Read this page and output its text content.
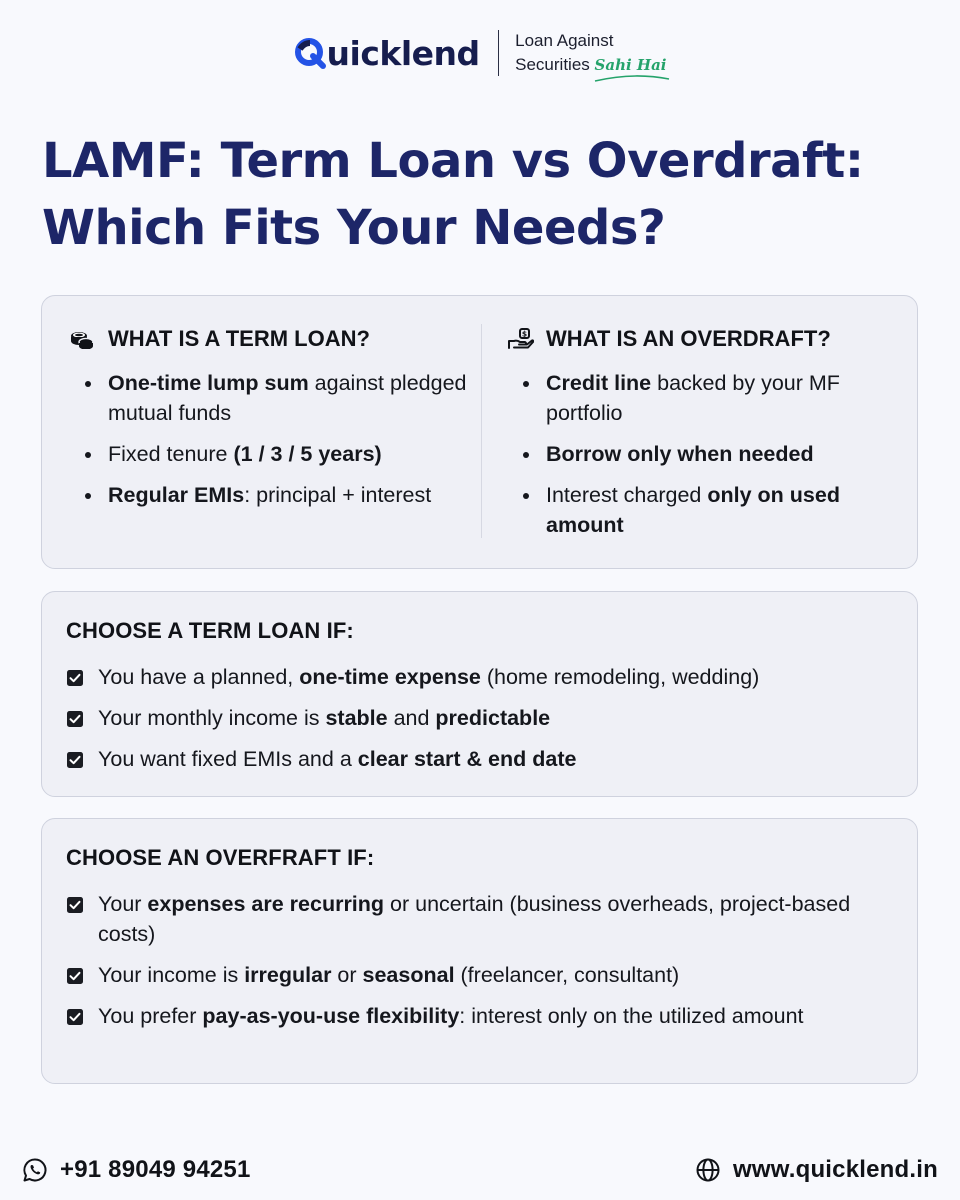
uicklend Loan Against
Securities Sahi Hai
LAMF: Term Loan vs Overdraft:
Which Fits Your Needs?
WHAT IS A TERM LOAN?
One-time lump sum against pledged mutual funds
Fixed tenure (1 / 3 / 5 years)
Regular EMIs: principal + interest
$ WHAT IS AN OVERDRAFT?
Credit line backed by your MF portfolio
Borrow only when needed
Interest charged only on used amount
CHOOSE A TERM LOAN IF:
You have a planned, one-time expense (home remodeling, wedding)
Your monthly income is stable and predictable
You want fixed EMIs and a clear start & end date
CHOOSE AN OVERFRAFT IF:
Your expenses are recurring or uncertain (business overheads, project-based costs)
Your income is irregular or seasonal (freelancer, consultant)
You prefer pay-as-you-use flexibility: interest only on the utilized amount
+91 89049 94251	www.quicklend.in
